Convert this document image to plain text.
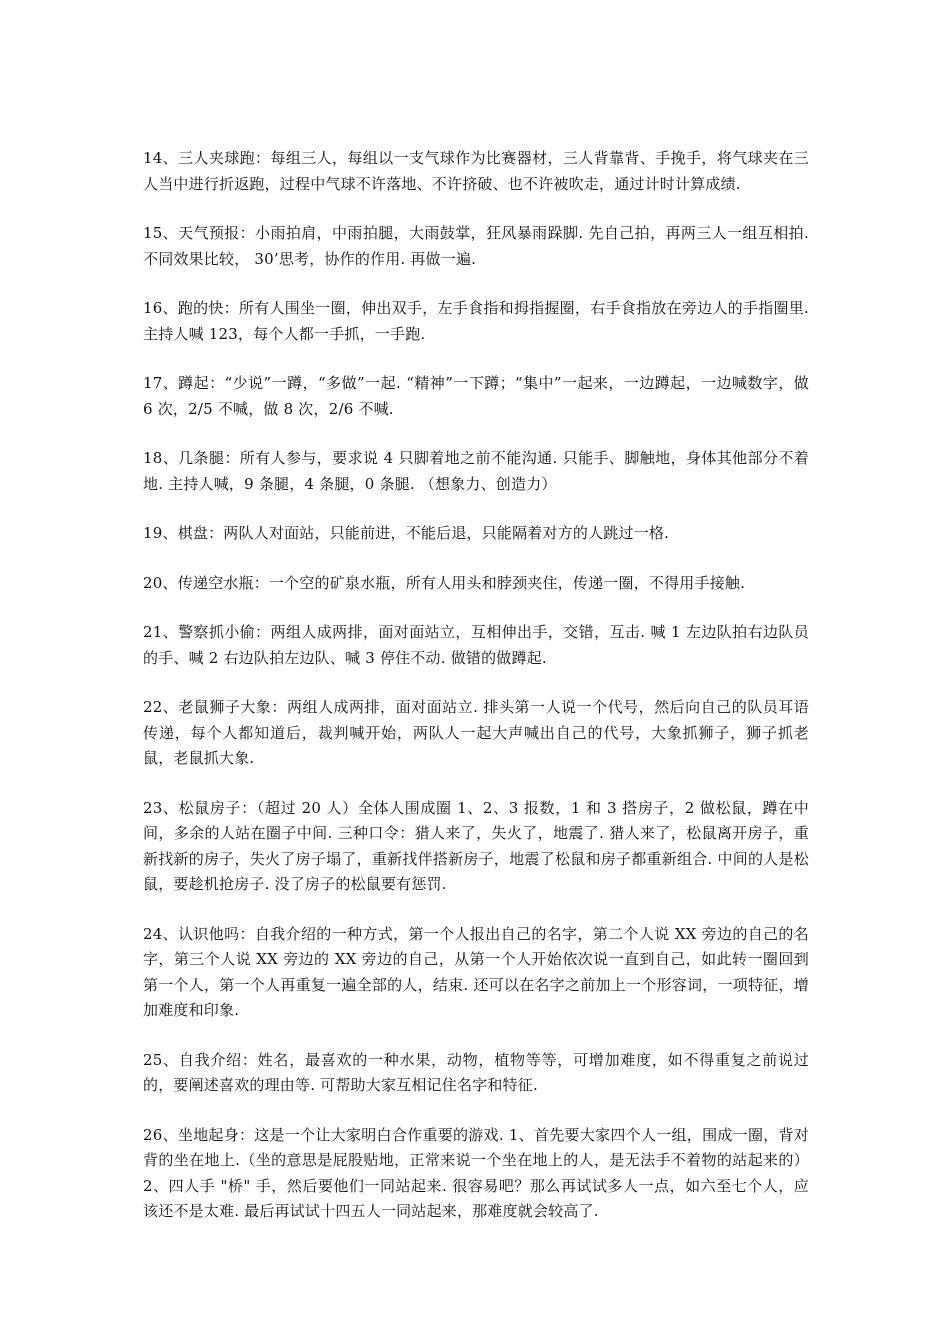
14、三人夹球跑：每组三人，每组以一支气球作为比赛器材，三人背靠背、手挽手，将气球夹在三人当中进行折返跑，过程中气球不许落地、不许挤破、也不许被吹走，通过计时计算成绩.

15、天气预报：小雨拍肩，中雨拍腿，大雨鼓掌，狂风暴雨跺脚. 先自己拍，再两三人一组互相拍. 不同效果比较， 30’思考，协作的作用. 再做一遍.

16、跑的快：所有人围坐一圈，伸出双手，左手食指和拇指握圈，右手食指放在旁边人的手指圈里. 主持人喊 123，每个人都一手抓，一手跑.

17、蹲起：“少说”一蹲，“多做”一起. “精神”一下蹲；“集中”一起来，一边蹲起，一边喊数字，做 6 次，2/5 不喊，做 8 次，2/6 不喊.

18、几条腿：所有人参与，要求说 4 只脚着地之前不能沟通. 只能手、脚触地，身体其他部分不着地. 主持人喊，9 条腿，4 条腿，0 条腿. （想象力、创造力）

19、棋盘：两队人对面站，只能前进，不能后退，只能隔着对方的人跳过一格.

20、传递空水瓶：一个空的矿泉水瓶，所有人用头和脖颈夹住，传递一圈，不得用手接触.

21、警察抓小偷：两组人成两排，面对面站立，互相伸出手，交错，互击. 喊 1 左边队拍右边队员的手、喊 2 右边队拍左边队、喊 3 停住不动. 做错的做蹲起.

22、老鼠狮子大象：两组人成两排，面对面站立. 排头第一人说一个代号，然后向自己的队员耳语传递，每个人都知道后，裁判喊开始，两队人一起大声喊出自己的代号，大象抓狮子，狮子抓老鼠，老鼠抓大象.

23、松鼠房子：（超过 20 人）全体人围成圈 1、2、3 报数，1 和 3 搭房子，2 做松鼠，蹲在中间，多余的人站在圈子中间. 三种口令：猎人来了，失火了，地震了. 猎人来了，松鼠离开房子，重新找新的房子，失火了房子塌了，重新找伴搭新房子，地震了松鼠和房子都重新组合. 中间的人是松鼠，要趁机抢房子. 没了房子的松鼠要有惩罚.

24、认识他吗：自我介绍的一种方式，第一个人报出自己的名字，第二个人说 XX 旁边的自己的名字，第三个人说 XX 旁边的 XX 旁边的自己，从第一个人开始依次说一直到自己，如此转一圈回到第一个人，第一个人再重复一遍全部的人，结束. 还可以在名字之前加上一个形容词，一项特征，增加难度和印象.

25、自我介绍：姓名，最喜欢的一种水果，动物，植物等等，可增加难度，如不得重复之前说过的，要阐述喜欢的理由等. 可帮助大家互相记住名字和特征.

26、坐地起身：这是一个让大家明白合作重要的游戏. 1、首先要大家四个人一组，围成一圈，背对背的坐在地上.（坐的意思是屁股贴地，正常来说一个坐在地上的人，是无法手不着物的站起来的）2、四人手 "桥" 手，然后要他们一同站起来. 很容易吧？那么再试试多人一点，如六至七个人，应该还不是太难. 最后再试试十四五人一同站起来，那难度就会较高了.
